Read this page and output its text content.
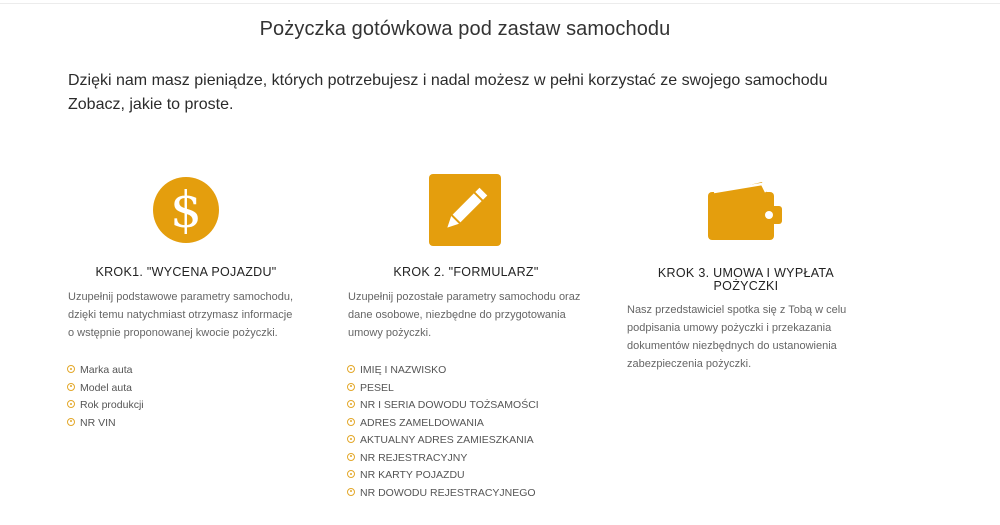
Pożyczka gotówkowa pod zastaw samochodu
Dzięki nam masz pieniądze, których potrzebujesz i nadal możesz w pełni korzystać ze swojego samochodu
Zobacz, jakie to proste.
$
KROK1. "WYCENA POJAZDU"
Uzupełnij podstawowe parametry samochodu,
dzięki temu natychmiast otrzymasz informacje
o wstępnie proponowanej kwocie pożyczki.
Marka auta
Model auta
Rok produkcji
NR VIN
KROK 2. "FORMULARZ"
Uzupełnij pozostałe parametry samochodu oraz
dane osobowe, niezbędne do przygotowania
umowy pożyczki.
IMIĘ I NAZWISKO
PESEL
NR I SERIA DOWODU TOŻSAMOŚCI
ADRES ZAMELDOWANIA
AKTUALNY ADRES ZAMIESZKANIA
NR REJESTRACYJNY
NR KARTY POJAZDU
NR DOWODU REJESTRACYJNEGO
KROK 3. UMOWA I WYPŁATA
POŻYCZKI
Nasz przedstawiciel spotka się z Tobą w celu
podpisania umowy pożyczki i przekazania
dokumentów niezbędnych do ustanowienia
zabezpieczenia pożyczki.
